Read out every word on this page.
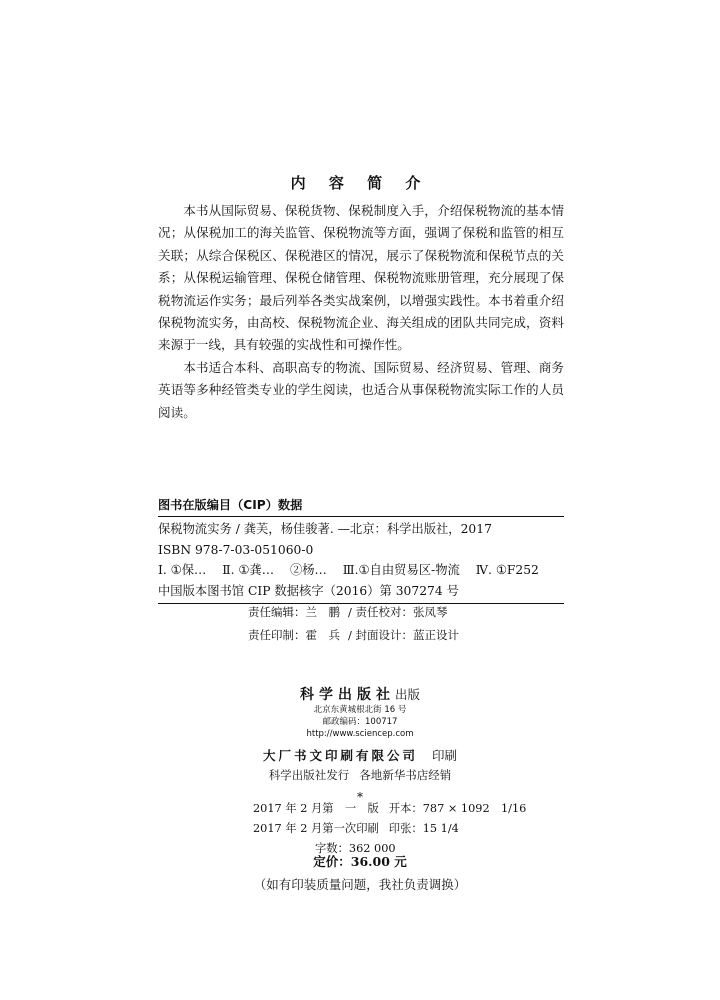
内 容 简 介

本书从国际贸易、保税货物、保税制度入手，介绍保税物流的基本情况；从保税加工的海关监管、保税物流等方面，强调了保税和监管的相互关联；从综合保税区、保税港区的情况，展示了保税物流和保税节点的关系；从保税运输管理、保税仓储管理、保税物流账册管理，充分展现了保税物流运作实务；最后列举各类实战案例，以增强实践性。本书着重介绍保税物流实务，由高校、保税物流企业、海关组成的团队共同完成，资料来源于一线，具有较强的实战性和可操作性。

本书适合本科、高职高专的物流、国际贸易、经济贸易、管理、商务英语等多种经管类专业的学生阅读，也适合从事保税物流实际工作的人员阅读。

图书在版编目（CIP）数据
保税物流实务 / 龚芙，杨佳骏著. —北京：科学出版社，2017
ISBN 978-7-03-051060-0
Ⅰ. ①保… Ⅱ. ①龚… ②杨… Ⅲ.①自由贸易区-物流 Ⅳ. ①F252
中国版本图书馆 CIP 数据核字（2016）第 307274 号
责任编辑：兰　鹏 / 责任校对：张凤琴
责任印制：霍　兵 / 封面设计：蓝正设计
科学出版社出版
北京东黄城根北街 16 号
邮政编码：100717
http://www.sciencep.com
大厂书文印刷有限公司 印刷
科学出版社发行 各地新华书店经销
*
2017 年 2 月第　一　版 开本：787 × 1092　1/16
2017 年 2 月第一次印刷 印张：15 1/4
字数：362 000
定价：36.00 元
（如有印装质量问题，我社负责调换）
